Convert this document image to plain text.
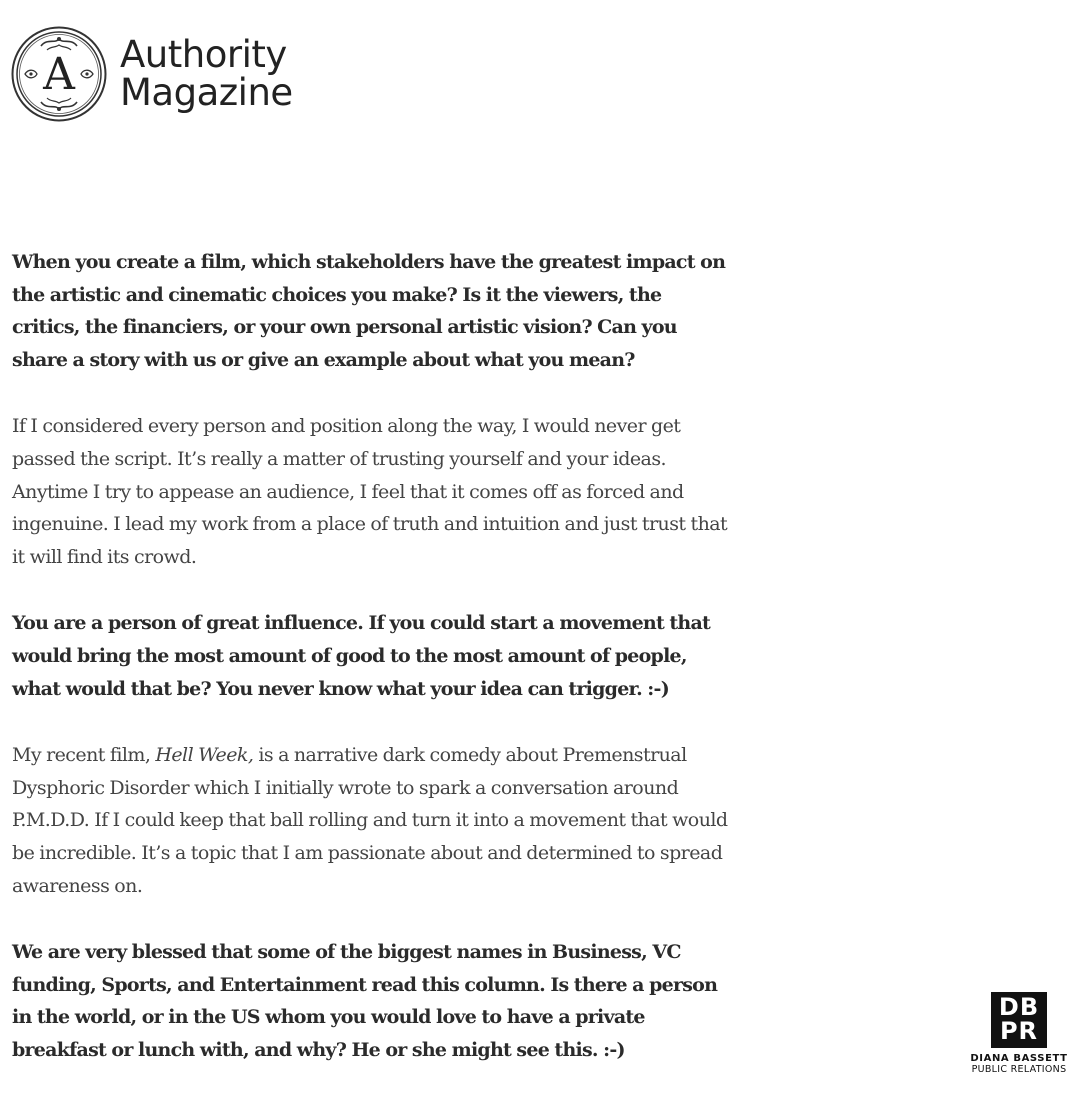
A Authority
Magazine

When you create a film, which stakeholders have the greatest impact on the artistic and cinematic choices you make? Is it the viewers, the critics, the financiers, or your own personal artistic vision? Can you share a story with us or give an example about what you mean?

If I considered every person and position along the way, I would never get passed the script. It’s really a matter of trusting yourself and your ideas. Anytime I try to appease an audience, I feel that it comes off as forced and ingenuine. I lead my work from a place of truth and intuition and just trust that it will find its crowd.

You are a person of great influence. If you could start a movement that would bring the most amount of good to the most amount of people, what would that be? You never know what your idea can trigger. :-)

My recent film, Hell Week, is a narrative dark comedy about Premenstrual Dysphoric Disorder which I initially wrote to spark a conversation around P.M.D.D. If I could keep that ball rolling and turn it into a movement that would be incredible. It’s a topic that I am passionate about and determined to spread awareness on.

We are very blessed that some of the biggest names in Business, VC funding, Sports, and Entertainment read this column. Is there a person in the world, or in the US whom you would love to have a private breakfast or lunch with, and why? He or she might see this. :-)

DB
PR
DIANA BASSETT
PUBLIC RELATIONS
